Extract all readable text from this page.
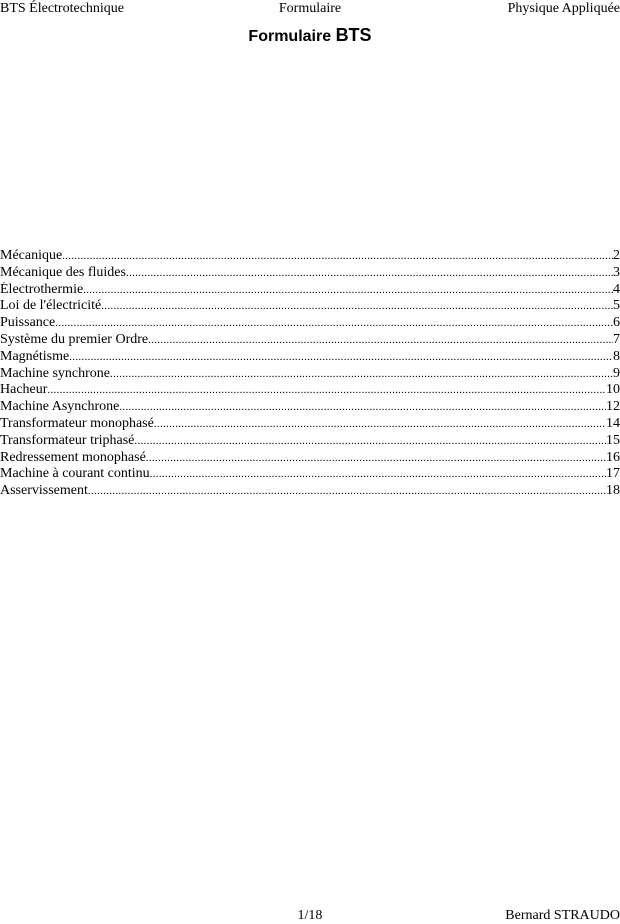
BTS Électrotechnique	Formulaire	Physique Appliquée
Formulaire BTS
Mécanique .....	2
Mécanique des fluides .....	3
Électrothermie .....	4
Loi de l'électricité .....	5
Puissance .....	6
Système du premier Ordre .....	7
Magnétisme .....	8
Machine synchrone .....	9
Hacheur .....	10
Machine Asynchrone .....	12
Transformateur monophasé .....	14
Transformateur triphasé .....	15
Redressement monophasé .....	16
Machine à courant continu .....	17
Asservissement .....	18
1/18	Bernard STRAUDO
